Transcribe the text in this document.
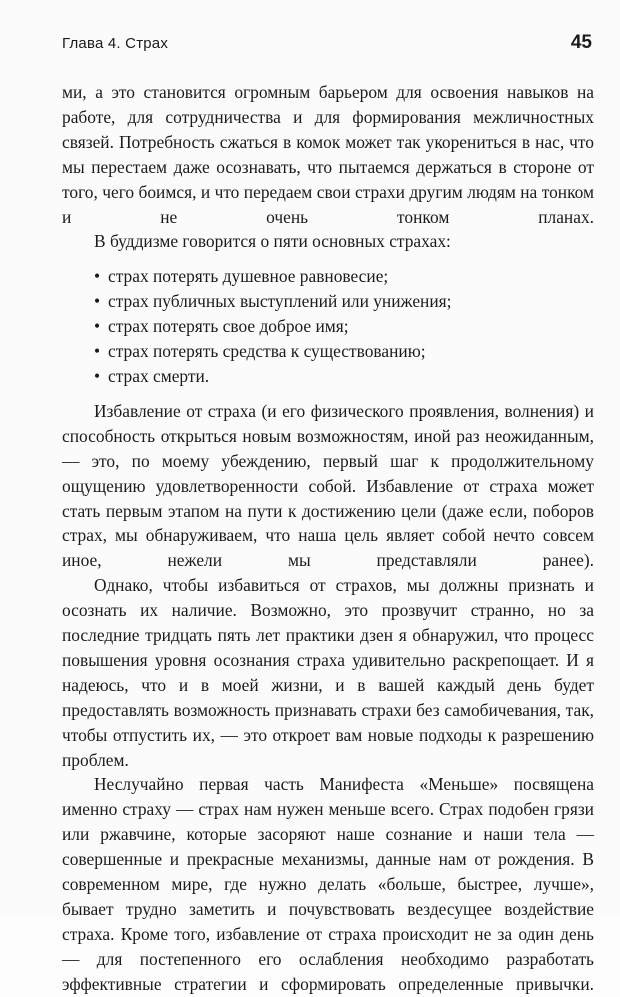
Глава 4. Страх	45

ми, а это становится огромным барьером для освоения навыков на работе, для сотрудничества и для формирования межличностных связей. Потребность сжаться в комок может так укорениться в нас, что мы перестаем даже осознавать, что пытаемся держаться в стороне от того, чего боимся, и что передаем свои страхи другим людям на тонком и не очень тонком планах.

В буддизме говорится о пяти основных страхах:

• страх потерять душевное равновесие;
• страх публичных выступлений или унижения;
• страх потерять свое доброе имя;
• страх потерять средства к существованию;
• страх смерти.

Избавление от страха (и его физического проявления, волнения) и способность открыться новым возможностям, иной раз неожиданным, — это, по моему убеждению, первый шаг к продолжительному ощущению удовлетворенности собой. Избавление от страха может стать первым этапом на пути к достижению цели (даже если, поборов страх, мы обнаруживаем, что наша цель являет собой нечто совсем иное, нежели мы представляли ранее).

Однако, чтобы избавиться от страхов, мы должны признать и осознать их наличие. Возможно, это прозвучит странно, но за последние тридцать пять лет практики дзен я обнаружил, что процесс повышения уровня осознания страха удивительно раскрепощает. И я надеюсь, что и в моей жизни, и в вашей каждый день будет предоставлять возможность признавать страхи без самобичевания, так, чтобы отпустить их, — это откроет вам новые подходы к разрешению проблем.

Неслучайно первая часть Манифеста «Меньше» посвящена именно страху — страх нам нужен меньше всего. Страх подобен грязи или ржавчине, которые засоряют наше сознание и наши тела — совершенные и прекрасные механизмы, данные нам от рождения. В современном мире, где нужно делать «больше, быстрее, лучше», бывает трудно заметить и почувствовать вездесущее воздействие страха. Кроме того, избавление от страха происходит не за один день — для постепенного его ослабления необходимо разработать эффективные стратегии и сформировать определенные привычки.
